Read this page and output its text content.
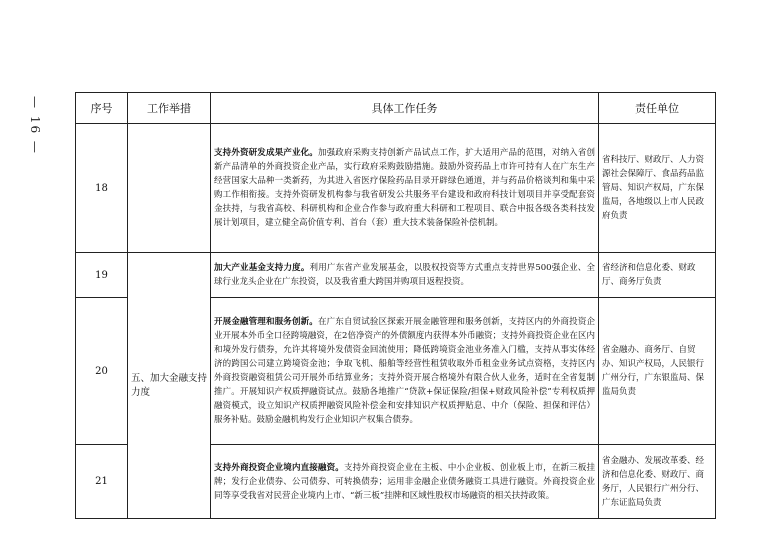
— 16 —	序号	工作举措	具体工作任务	责任单位
18		支持外资研发成果产业化。加强政府采购支持创新产品试点工作，扩大适用产品的范围，对纳入省创新产品清单的外商投资企业产品，实行政府采购鼓励措施。鼓励外资药品上市许可持有人在广东生产经营国家大品种一类新药，为其进入省医疗保险药品目录开辟绿色通道，并与药品价格谈判和集中采购工作相衔接。支持外资研发机构参与我省研发公共服务平台建设和政府科技计划项目并享受配套资金扶持，与我省高校、科研机构和企业合作参与政府重大科研和工程项目、联合申报各级各类科技发展计划项目，建立健全高价值专利、首台（套）重大技术装备保险补偿机制。	省科技厅、财政厅、人力资源社会保障厅、食品药品监管局、知识产权局，广东保监局，各地级以上市人民政府负责
19	五、加大金融支持力度	加大产业基金支持力度。利用广东省产业发展基金，以股权投资等方式重点支持世界500强企业、全球行业龙头企业在广东投资，以及我省重大跨国并购项目返程投资。	省经济和信息化委、财政厅、商务厅负责
20		开展金融管理和服务创新。在广东自贸试验区探索开展金融管理和服务创新，支持区内的外商投资企业开展本外币全口径跨境融资，在2倍净资产的外债额度内获得本外币融资；支持外商投资企业在区内和境外发行债券，允许其将境外发债资金回流使用；降低跨境资金池业务准入门槛，支持从事实体经济的跨国公司建立跨境资金池；争取飞机、船舶等经营性租赁收取外币租金业务试点资格，支持区内外商投资融资租赁公司开展外币结算业务；支持外资开展合格境外有限合伙人业务，适时在全省复制推广。开展知识产权质押融资试点。鼓励各地推广“贷款+保证保险/担保+财政风险补偿”专利权质押融资模式，设立知识产权质押融资风险补偿金和安排知识产权质押贴息、中介（保险、担保和评估）服务补贴。鼓励金融机构发行企业知识产权集合债券。	省金融办、商务厅、自贸办、知识产权局，人民银行广州分行，广东银监局、保监局负责
21		支持外商投资企业境内直接融资。支持外商投资企业在主板、中小企业板、创业板上市，在新三板挂牌；发行企业债券、公司债券、可转换债券；运用非金融企业债务融资工具进行融资。外商投资企业同等享受我省对民营企业境内上市、“新三板”挂牌和区域性股权市场融资的相关扶持政策。	省金融办、发展改革委、经济和信息化委、财政厅、商务厅，人民银行广州分行、广东证监局负责
